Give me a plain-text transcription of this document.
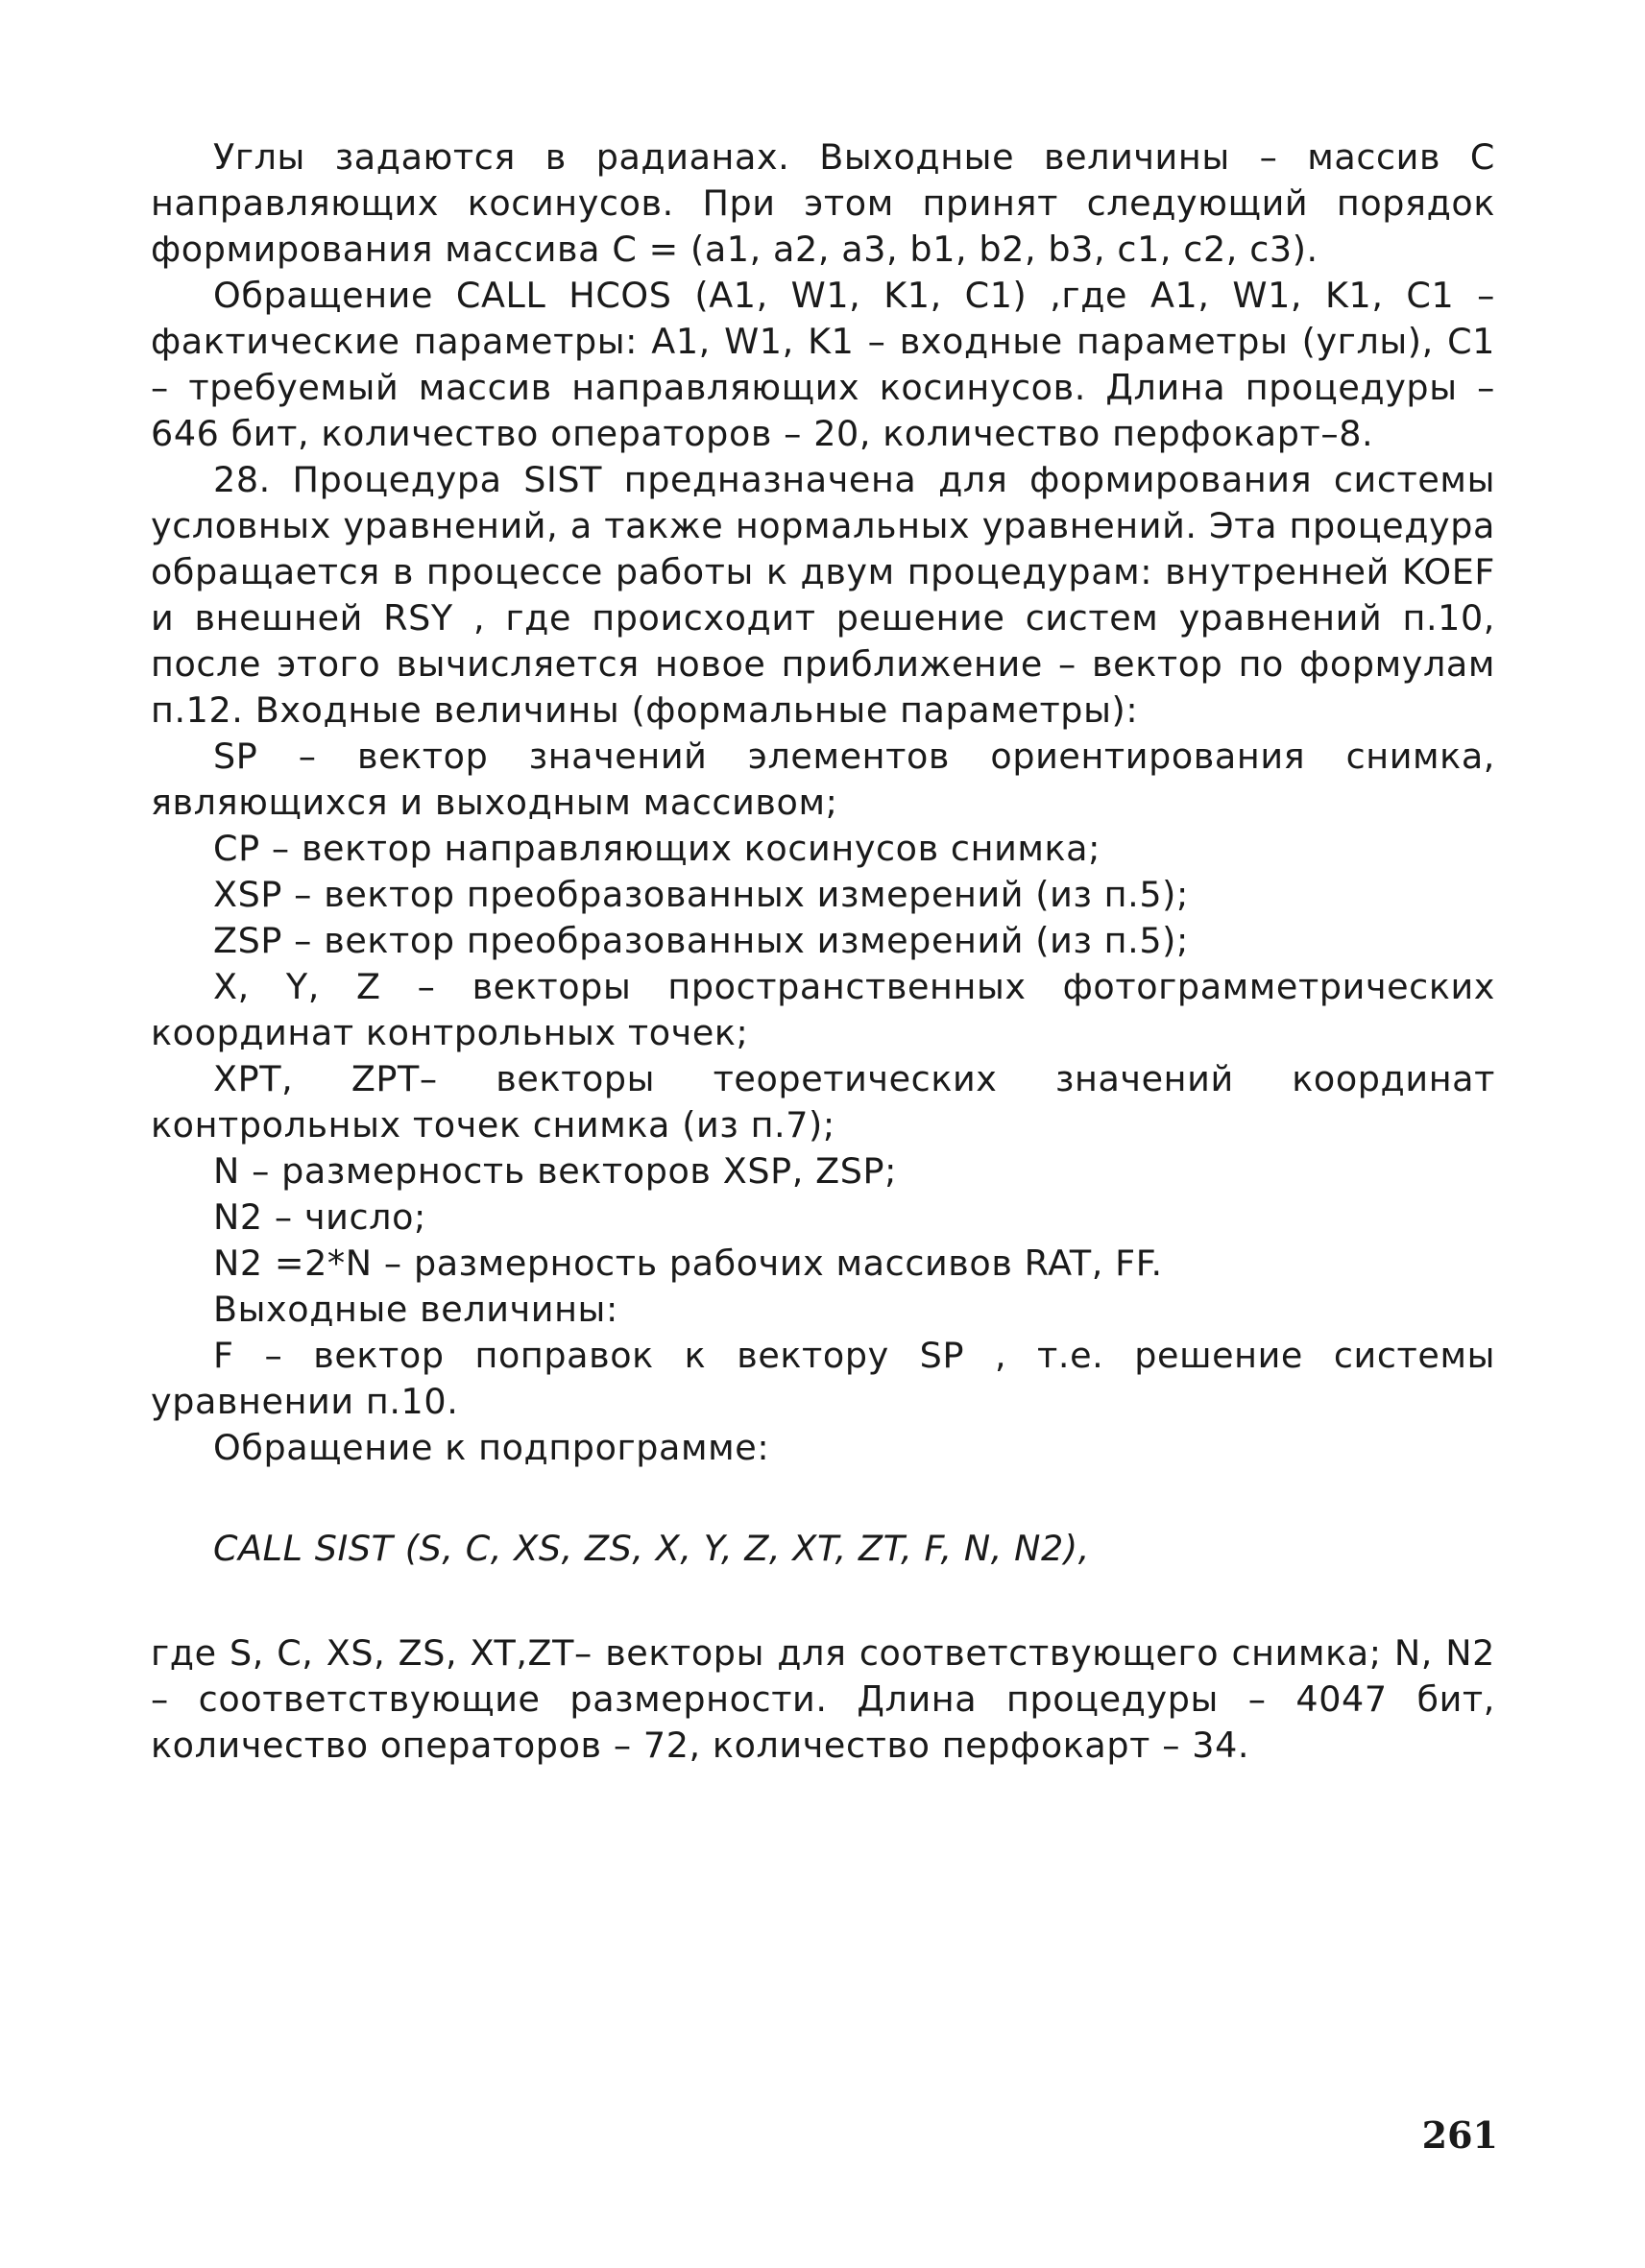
Углы задаются в радианах. Выходные величины – массив C направляющих косинусов. При этом принят следующий порядок формирования массива C = (a1, a2, a3, b1, b2, b3, c1, c2, c3).

Обращение CALL HCOS (A1, W1, K1, C1) ,где A1, W1, K1, C1 – фактические параметры: A1, W1, K1 – входные параметры (углы), C1 – требуемый массив направляющих косинусов. Длина процедуры – 646 бит, количество операторов – 20, количество перфокарт–8.

28. Процедура SIST предназначена для формирования системы условных уравнений, а также нормальных уравнений. Эта процедура обращается в процессе работы к двум процедурам: внутренней KOEF и внешней RSY , где происходит решение систем уравнений п.10, после этого вычисляется новое приближение – вектор по формулам п.12. Входные величины (формальные параметры):

SP – вектор значений элементов ориентирования снимка, являющихся и выходным массивом;

CP – вектор направляющих косинусов снимка;

XSP – вектор преобразованных измерений (из п.5);

ZSP – вектор преобразованных измерений (из п.5);

X, Y, Z – векторы пространственных фотограмметрических координат контрольных точек;

XPT, ZPT– векторы теоретических значений координат контрольных точек снимка (из п.7);

N – размерность векторов XSP, ZSP;

N2 – число;

N2 =2*N – размерность рабочих массивов RAT, FF.

Выходные величины:

F – вектор поправок к вектору SP , т.е. решение системы уравнении п.10.

Обращение к подпрограмме:

CALL SIST (S, C, XS, ZS, X, Y, Z, XT, ZT, F, N, N2),

где S, C, XS, ZS, XT,ZT– векторы для соответствующего снимка; N, N2 – соответствующие размерности. Длина процедуры – 4047 бит, количество операторов – 72, количество перфокарт – 34.

261
